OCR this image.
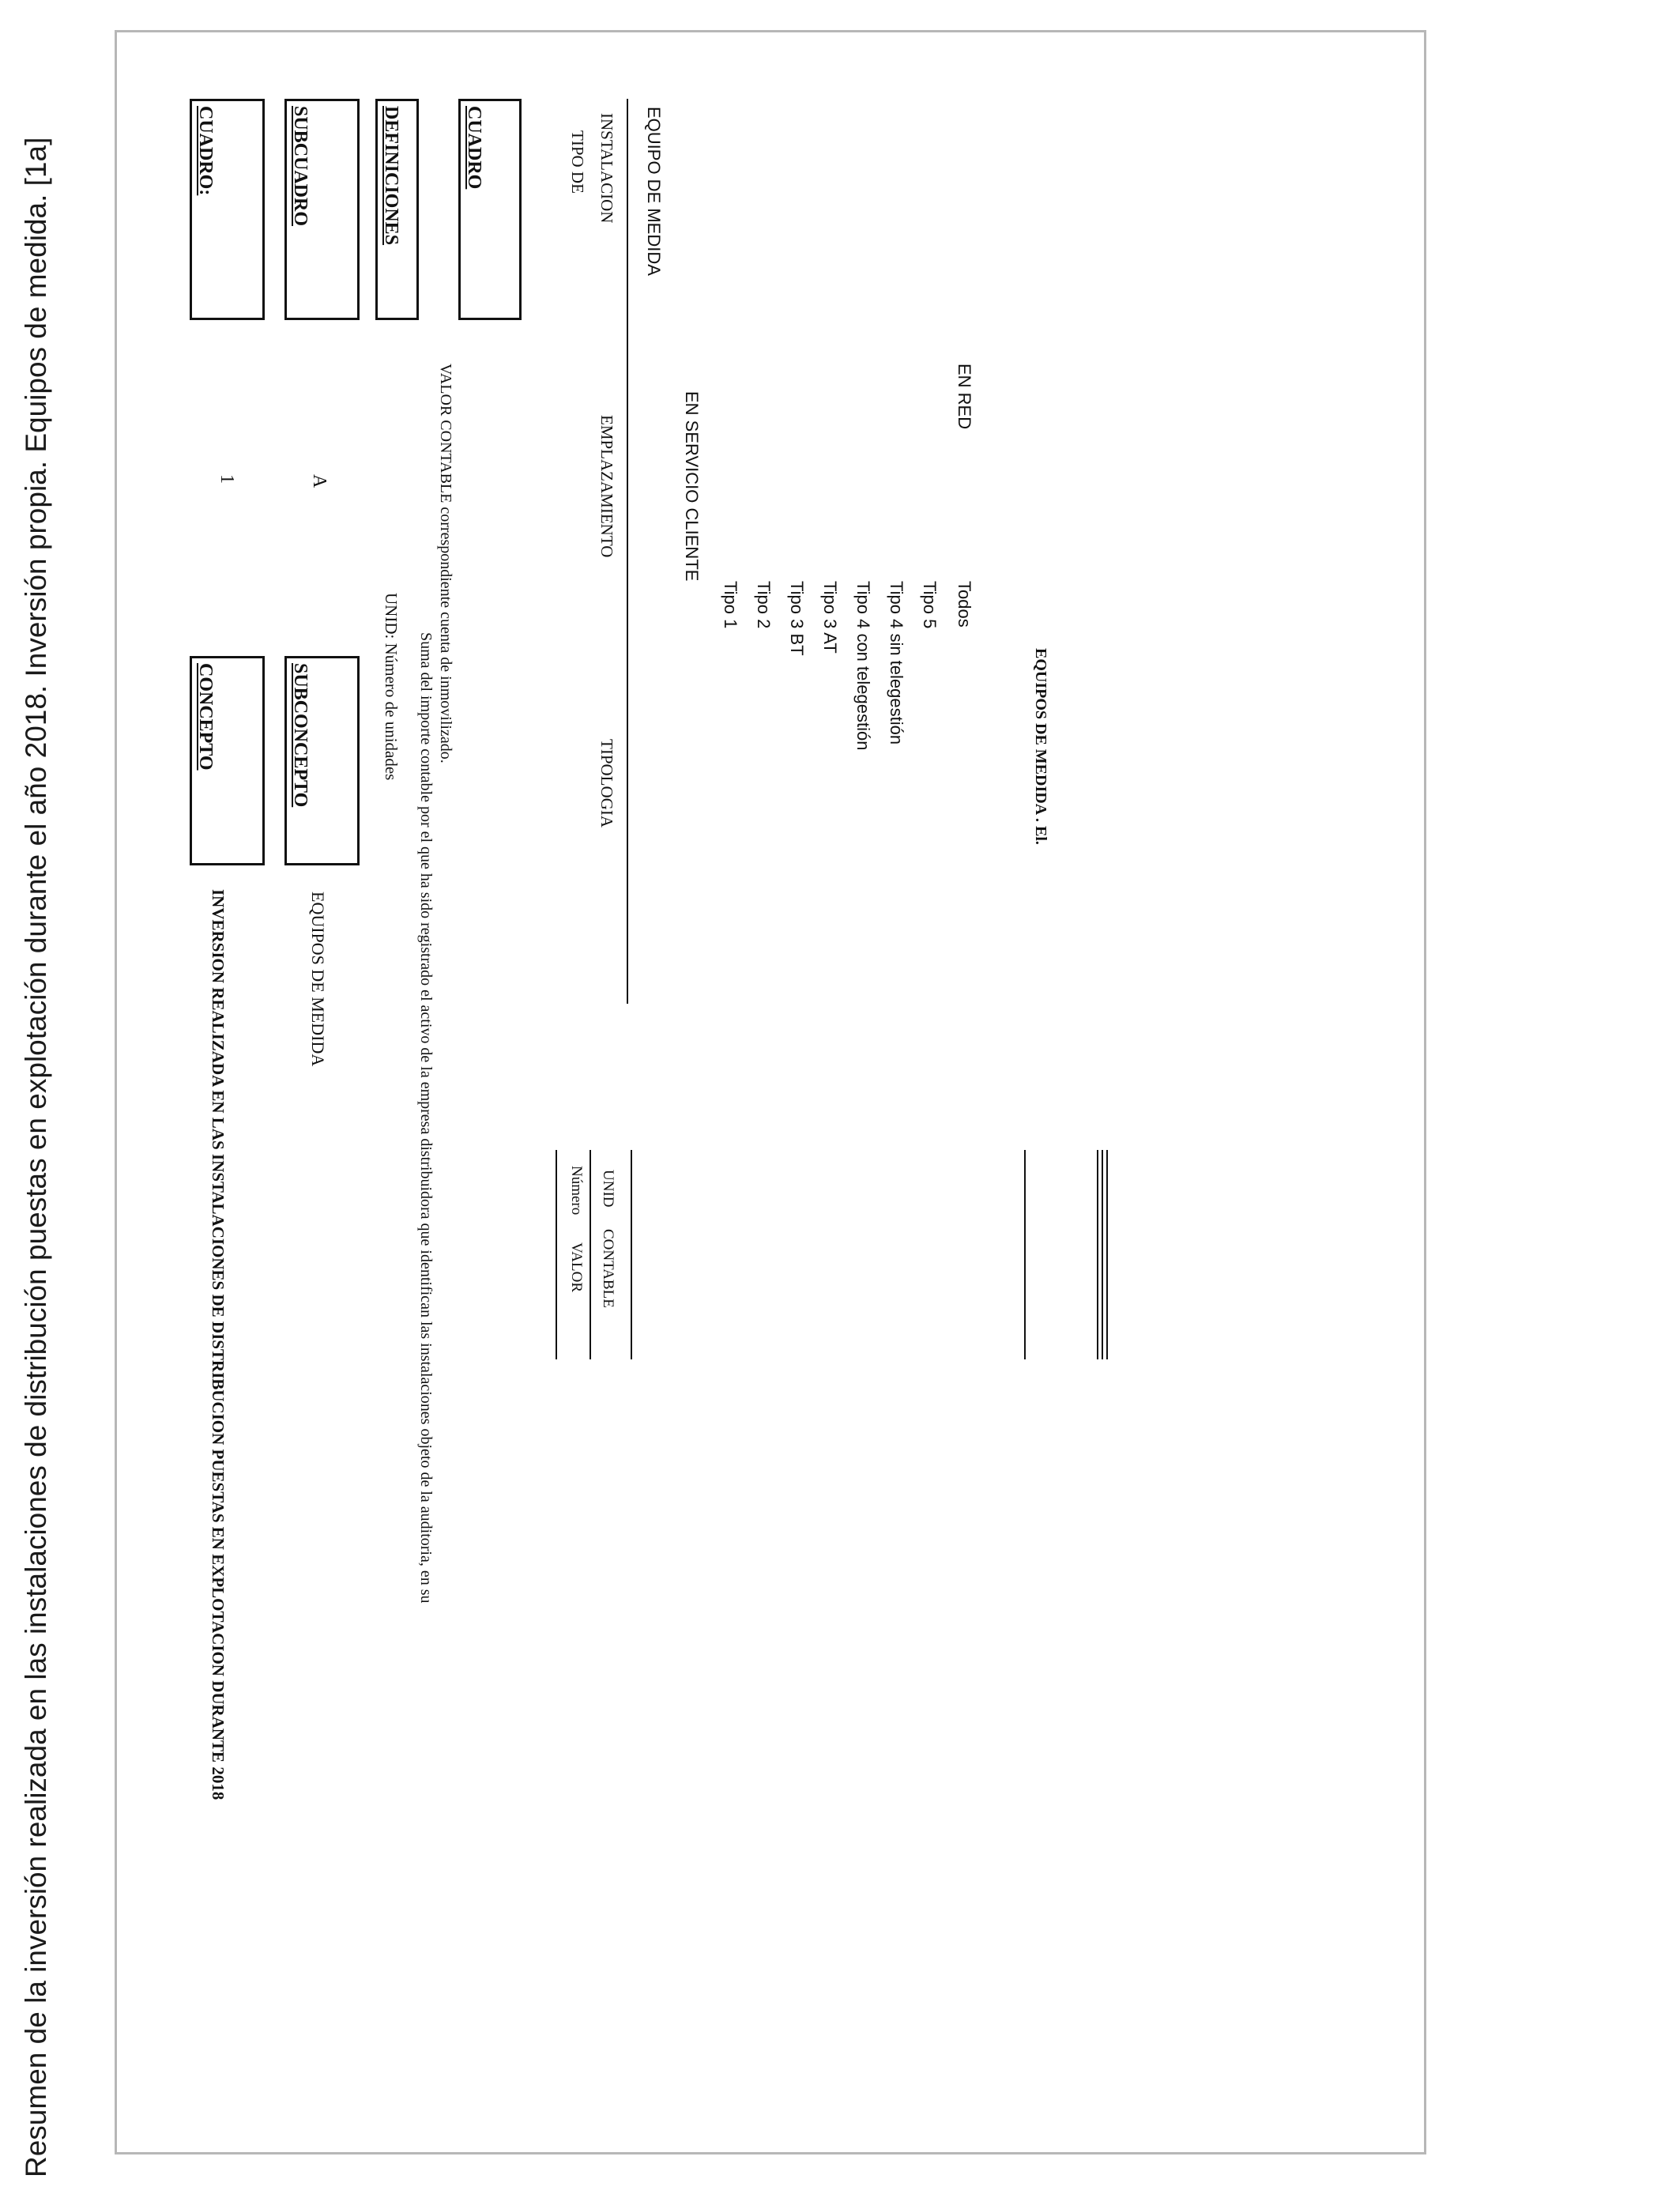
Resumen de la inversión realizada en las instalaciones de distribución puestas en explotación durante el año 2018. Inversión propia. Equipos de medida. [1a]	CUADRO:
1
CONCEPTO
INVERSION REALIZADA EN LAS INSTALACIONES DE DISTRIBUCION PUESTAS EN EXPLOTACION DURANTE 2018
SUBCUADRO
A
SUBCONCEPTO
EQUIPOS DE MEDIDA
DEFINICIONES
UNID: Número de unidades Suma del importe contable por el que ha sido registrado el activo de la empresa distribuidora que identifican las instalaciones objeto de la auditoria, en su
VALOR CONTABLE correspondiente cuenta de inmovilizado.
CUADRO	TIPO DE INSTALACION
EMPLAZAMIENTO
TIPOLOGIA
Número
VALOR
UNID
CONTABLE
EQUIPO DE MEDIDA
EN SERVICIO CLIENTE
Tipo 1 Tipo 2 Tipo 3 BT Tipo 3 AT Tipo 4 con telegestión Tipo 4 sin telegestión Tipo 5
EN RED
Todos
EQUIPOS DE MEDIDA . El.
